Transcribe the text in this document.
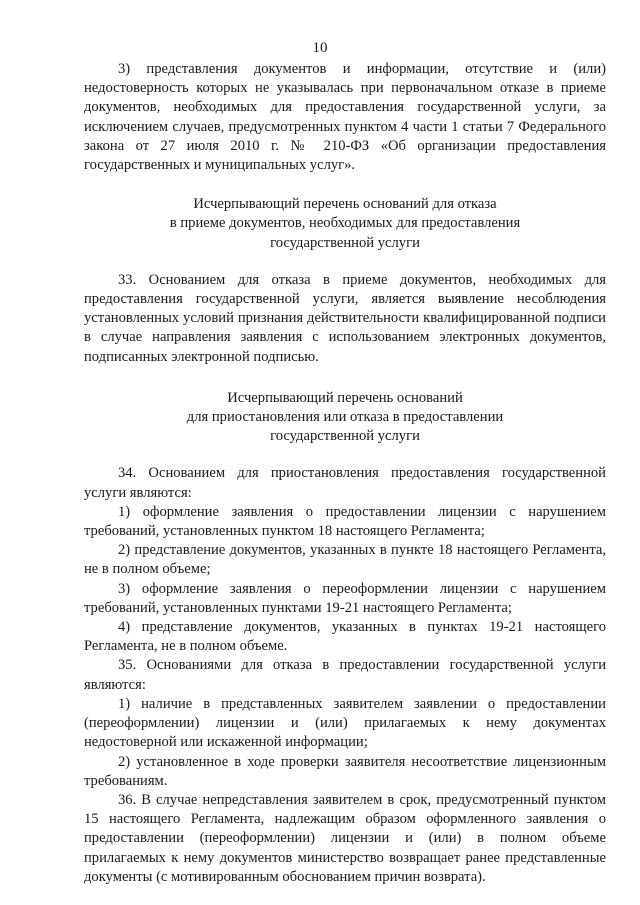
10

3) представления документов и информации, отсутствие и (или) недостоверность которых не указывалась при первоначальном отказе в приеме документов, необходимых для предоставления государственной услуги, за исключением случаев, предусмотренных пунктом 4 части 1 статьи 7 Федерального закона от 27 июля 2010 г. № 210-ФЗ «Об организации предоставления государственных и муниципальных услуг».

Исчерпывающий перечень оснований для отказа
в приеме документов, необходимых для предоставления
государственной услуги

33. Основанием для отказа в приеме документов, необходимых для предоставления государственной услуги, является выявление несоблюдения установленных условий признания действительности квалифицированной подписи в случае направления заявления с использованием электронных документов, подписанных электронной подписью.

Исчерпывающий перечень оснований
для приостановления или отказа в предоставлении
государственной услуги

34. Основанием для приостановления предоставления государственной услуги являются:

1) оформление заявления о предоставлении лицензии с нарушением требований, установленных пунктом 18 настоящего Регламента;

2) представление документов, указанных в пункте 18 настоящего Регламента, не в полном объеме;

3) оформление заявления о переоформлении лицензии с нарушением требований, установленных пунктами 19-21 настоящего Регламента;

4) представление документов, указанных в пунктах 19-21 настоящего Регламента, не в полном объеме.

35. Основаниями для отказа в предоставлении государственной услуги являются:

1) наличие в представленных заявителем заявлении о предоставлении (переоформлении) лицензии и (или) прилагаемых к нему документах недостоверной или искаженной информации;

2) установленное в ходе проверки заявителя несоответствие лицензионным требованиям.

36. В случае непредставления заявителем в срок, предусмотренный пунктом 15 настоящего Регламента, надлежащим образом оформленного заявления о предоставлении (переоформлении) лицензии и (или) в полном объеме прилагаемых к нему документов министерство возвращает ранее представленные документы (с мотивированным обоснованием причин возврата).
